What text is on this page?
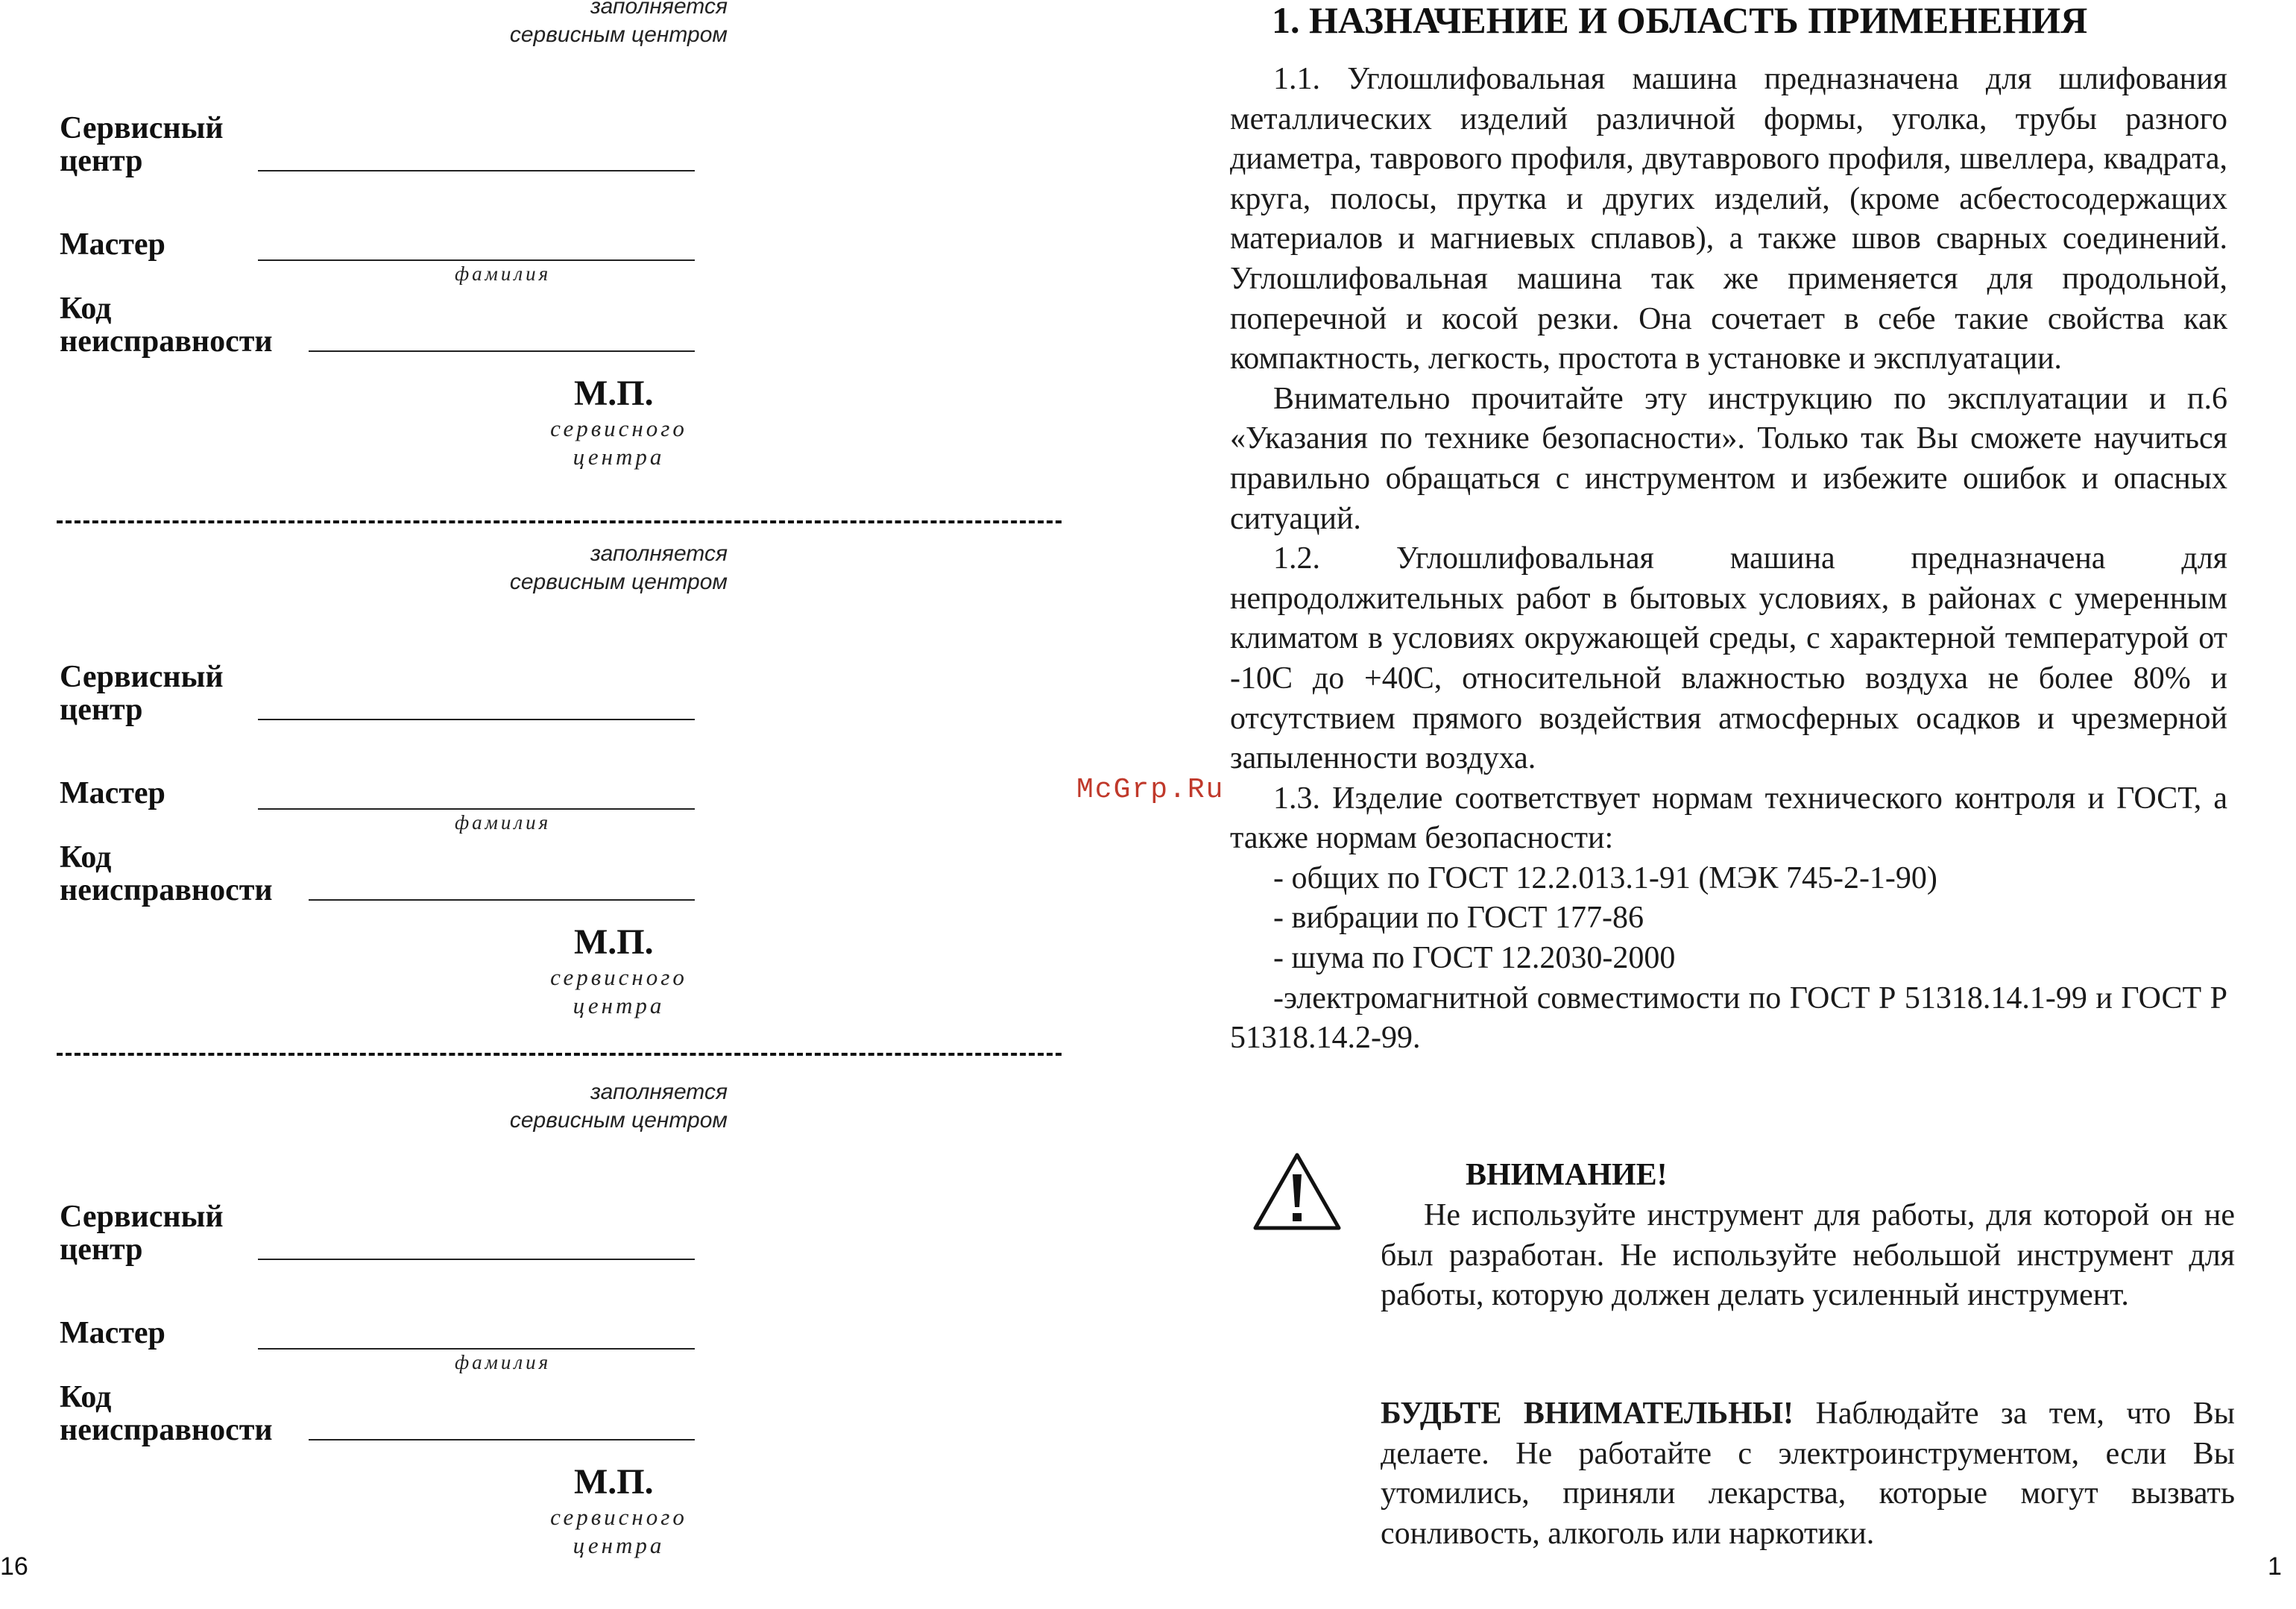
заполняется
сервисным центром
Сервисный
центр
Мастер
фамилия
Код
неисправности
М.П.
сервисного
центра
заполняется
сервисным центром
Сервисный
центр
Мастер
фамилия
Код
неисправности
М.П.
сервисного
центра
заполняется
сервисным центром
Сервисный
центр
Мастер
фамилия
Код
неисправности
М.П.
сервисного
центра
16
McGrp.Ru
1. НАЗНАЧЕНИЕ И ОБЛАСТЬ ПРИМЕНЕНИЯ

1.1. Углошлифовальная машина предназначена для шлифования металлических изделий различной формы, уголка, трубы разного диаметра, таврового профиля, двутаврового профиля, швеллера, квадрата, круга, полосы, прутка и других изделий, (кроме асбестосодержащих материалов и магниевых сплавов), а также швов сварных соединений. Углошлифовальная машина так же применяется для продольной, поперечной и косой резки. Она сочетает в себе такие свойства как компактность, легкость, простота в установке и эксплуатации.

Внимательно прочитайте эту инструкцию по эксплуатации и п.6 «Указания по технике безопасности». Только так Вы сможете научиться правильно обращаться с инструментом и избежите ошибок и опасных ситуаций.

1.2. Углошлифовальная машина предназначена для непродолжительных работ в бытовых условиях, в районах с умеренным климатом в условиях окружающей среды, с характерной температурой от -10С до +40С, относительной влажностью воздуха не более 80% и отсутствием прямого воздействия атмосферных осадков и чрезмерной запыленности воздуха.

1.3. Изделие соответствует нормам технического контроля и ГОСТ, а также нормам безопасности:

- общих по ГОСТ 12.2.013.1-91 (МЭК 745-2-1-90)

- вибрации по ГОСТ 177-86

- шума по ГОСТ 12.2030-2000

-электромагнитной совместимости по ГОСТ Р 51318.14.1-99 и ГОСТ Р 51318.14.2-99.

ВНИМАНИЕ!

Не используйте инструмент для работы, для которой он не был разработан. Не используйте небольшой инструмент для работы, которую должен делать усиленный инструмент.

БУДЬТЕ ВНИМАТЕЛЬНЫ! Наблюдайте за тем, что Вы делаете. Не работайте с электроинструментом, если Вы утомились, приняли лекарства, которые могут вызвать сонливость, алкоголь или наркотики.
1
